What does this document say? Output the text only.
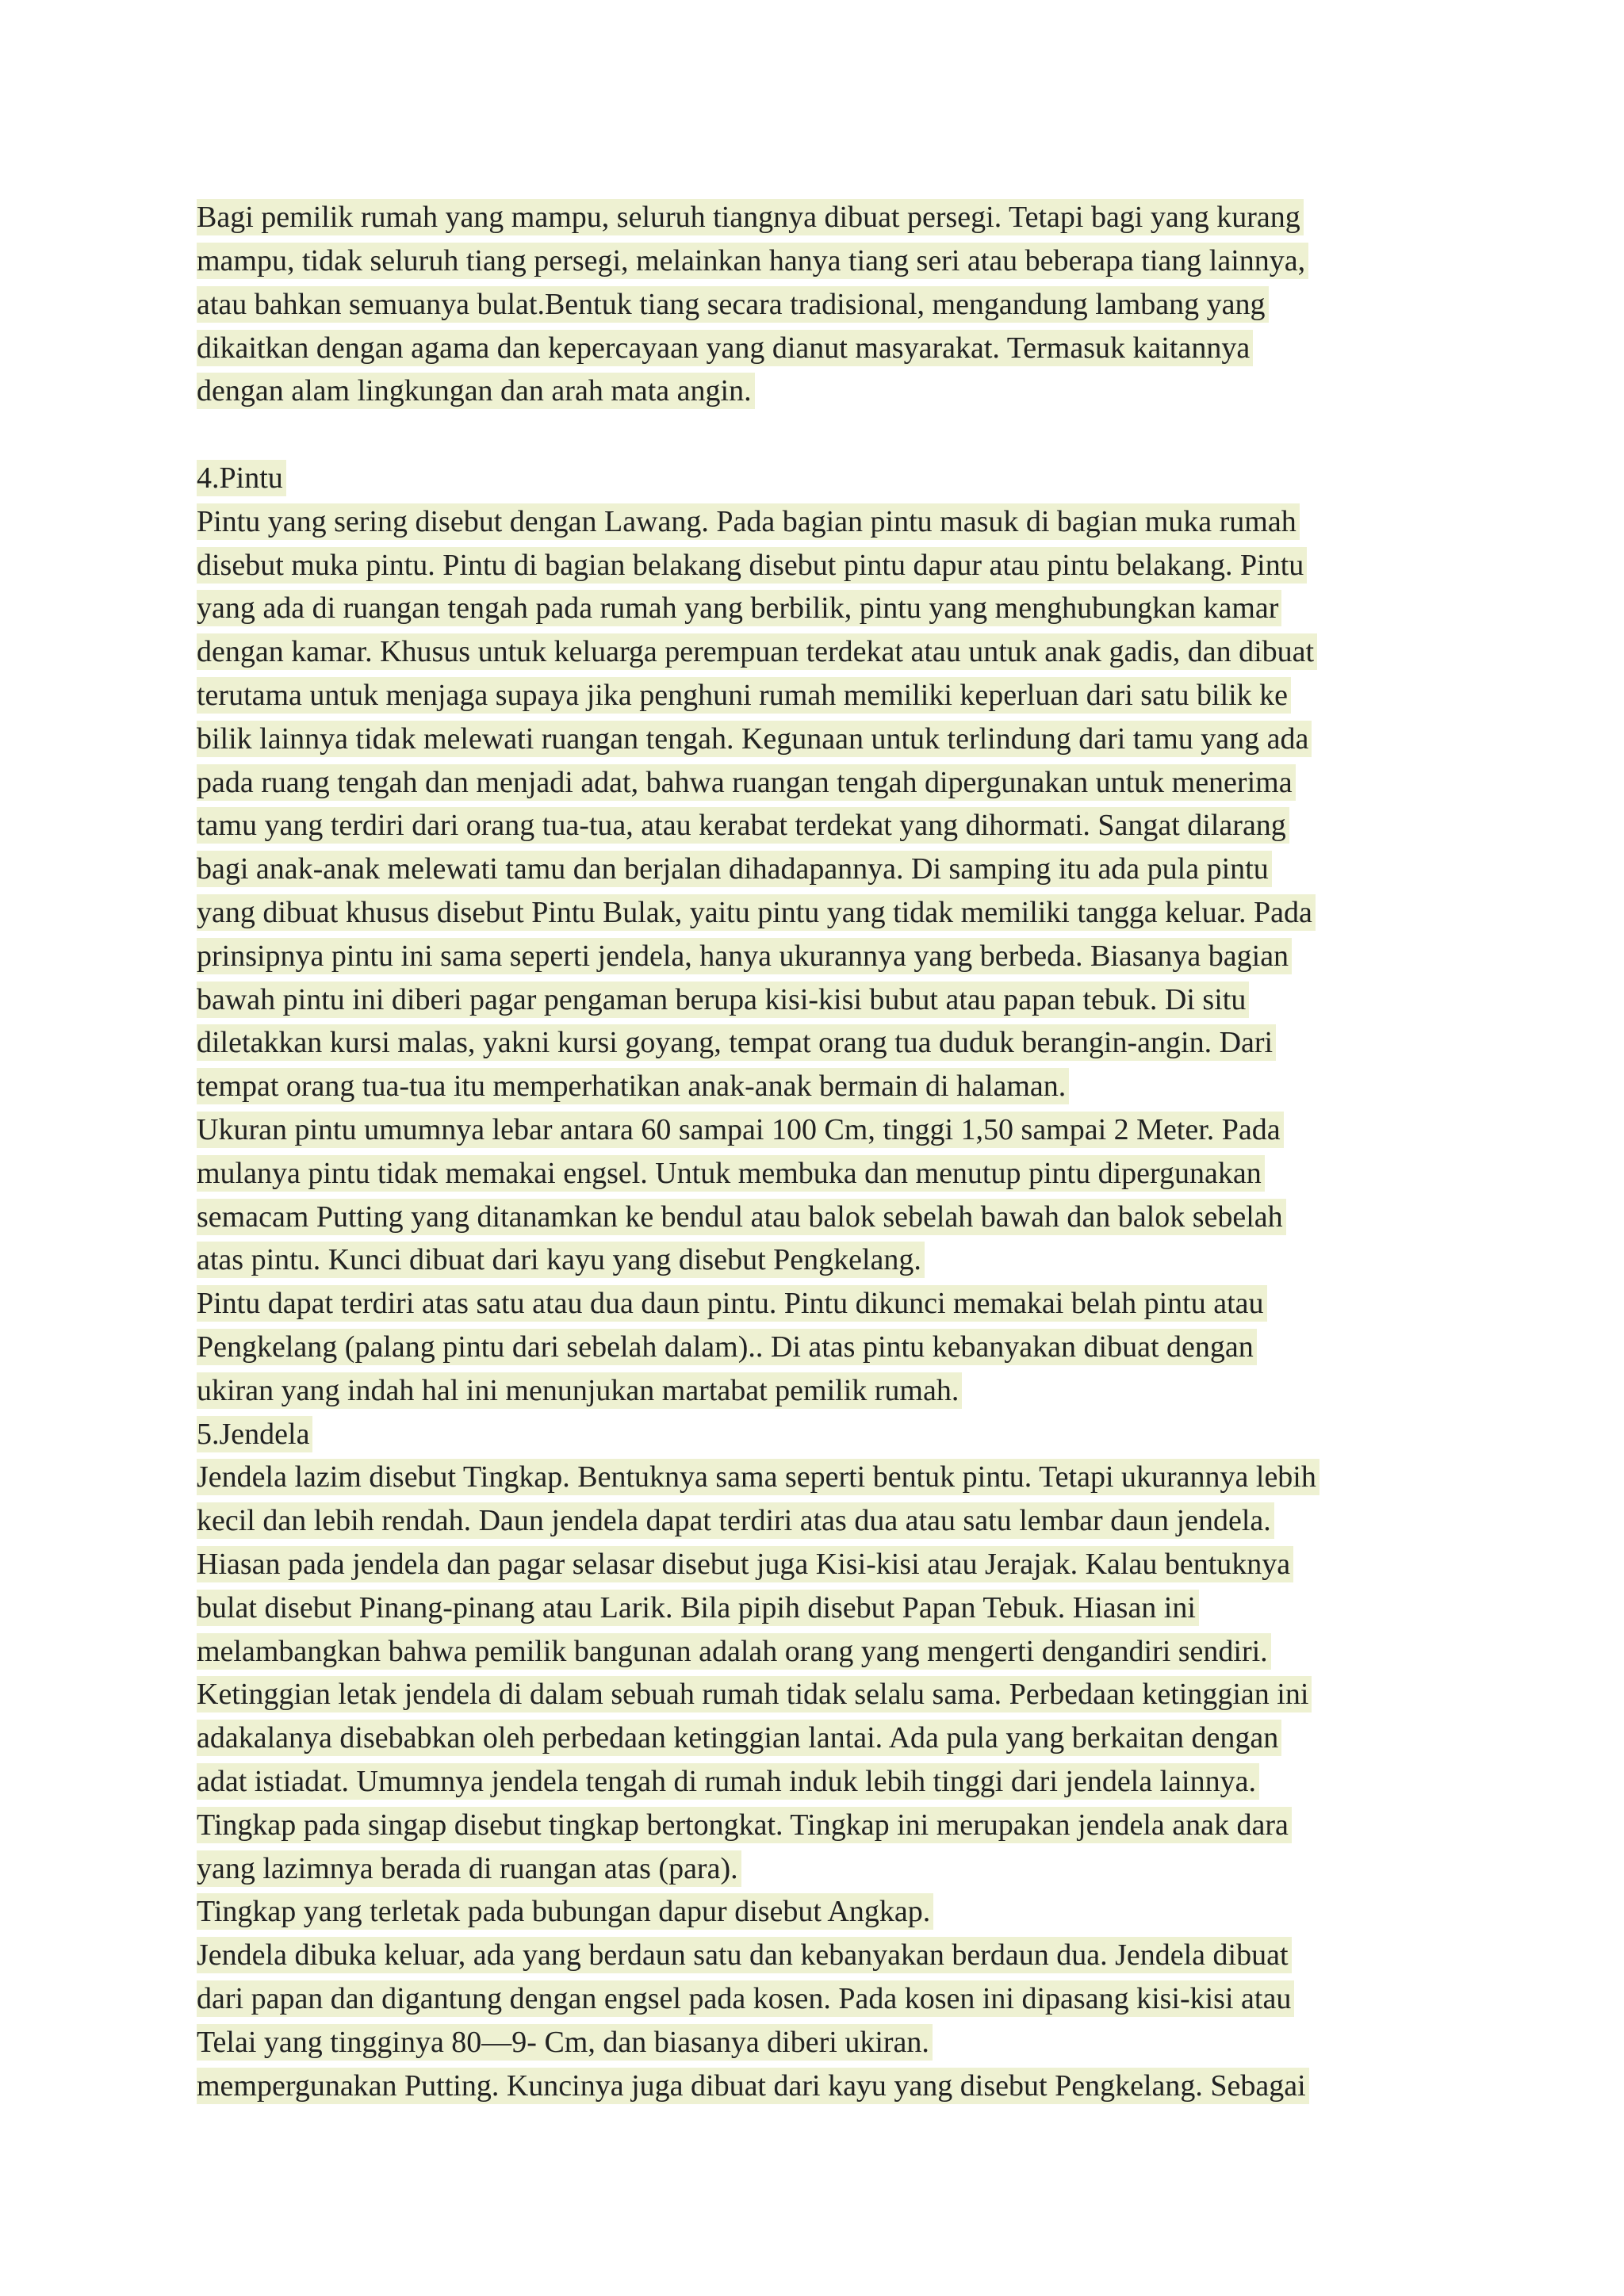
Bagi pemilik rumah yang mampu, seluruh tiangnya dibuat persegi. Tetapi bagi yang kurang
mampu, tidak seluruh tiang persegi, melainkan hanya tiang seri atau beberapa tiang lainnya,
atau bahkan semuanya bulat.Bentuk tiang secara tradisional, mengandung lambang yang
dikaitkan dengan agama dan kepercayaan yang dianut masyarakat. Termasuk kaitannya
dengan alam lingkungan dan arah mata angin.
4.Pintu
Pintu yang sering disebut dengan Lawang. Pada bagian pintu masuk di bagian muka rumah
disebut muka pintu. Pintu di bagian belakang disebut pintu dapur atau pintu belakang. Pintu
yang ada di ruangan tengah pada rumah yang berbilik, pintu yang menghubungkan kamar
dengan kamar. Khusus untuk keluarga perempuan terdekat atau untuk anak gadis, dan dibuat
terutama untuk menjaga supaya jika penghuni rumah memiliki keperluan dari satu bilik ke
bilik lainnya tidak melewati ruangan tengah. Kegunaan untuk terlindung dari tamu yang ada
pada ruang tengah dan menjadi adat, bahwa ruangan tengah dipergunakan untuk menerima
tamu yang terdiri dari orang tua-tua, atau kerabat terdekat yang dihormati. Sangat dilarang
bagi anak-anak melewati tamu dan berjalan dihadapannya. Di samping itu ada pula pintu
yang dibuat khusus disebut Pintu Bulak, yaitu pintu yang tidak memiliki tangga keluar. Pada
prinsipnya pintu ini sama seperti jendela, hanya ukurannya yang berbeda. Biasanya bagian
bawah pintu ini diberi pagar pengaman berupa kisi-kisi bubut atau papan tebuk. Di situ
diletakkan kursi malas, yakni kursi goyang, tempat orang tua duduk berangin-angin. Dari
tempat orang tua-tua itu memperhatikan anak-anak bermain di halaman.
Ukuran pintu umumnya lebar antara 60 sampai 100 Cm, tinggi 1,50 sampai 2 Meter. Pada
mulanya pintu tidak memakai engsel. Untuk membuka dan menutup pintu dipergunakan
semacam Putting yang ditanamkan ke bendul atau balok sebelah bawah dan balok sebelah
atas pintu. Kunci dibuat dari kayu yang disebut Pengkelang.
Pintu dapat terdiri atas satu atau dua daun pintu. Pintu dikunci memakai belah pintu atau
Pengkelang (palang pintu dari sebelah dalam).. Di atas pintu kebanyakan dibuat dengan
ukiran yang indah hal ini menunjukan martabat pemilik rumah.
5.Jendela
Jendela lazim disebut Tingkap. Bentuknya sama seperti bentuk pintu. Tetapi ukurannya lebih
kecil dan lebih rendah. Daun jendela dapat terdiri atas dua atau satu lembar daun jendela.
Hiasan pada jendela dan pagar selasar disebut juga Kisi-kisi atau Jerajak. Kalau bentuknya
bulat disebut Pinang-pinang atau Larik. Bila pipih disebut Papan Tebuk. Hiasan ini
melambangkan bahwa pemilik bangunan adalah orang yang mengerti dengandiri sendiri.
Ketinggian letak jendela di dalam sebuah rumah tidak selalu sama. Perbedaan ketinggian ini
adakalanya disebabkan oleh perbedaan ketinggian lantai. Ada pula yang berkaitan dengan
adat istiadat. Umumnya jendela tengah di rumah induk lebih tinggi dari jendela lainnya.
Tingkap pada singap disebut tingkap bertongkat. Tingkap ini merupakan jendela anak dara
yang lazimnya berada di ruangan atas (para).
Tingkap yang terletak pada bubungan dapur disebut Angkap.
Jendela dibuka keluar, ada yang berdaun satu dan kebanyakan berdaun dua. Jendela dibuat
dari papan dan digantung dengan engsel pada kosen. Pada kosen ini dipasang kisi-kisi atau
Telai yang tingginya 80—9- Cm, dan biasanya diberi ukiran.
mempergunakan Putting. Kuncinya juga dibuat dari kayu yang disebut Pengkelang. Sebagai
